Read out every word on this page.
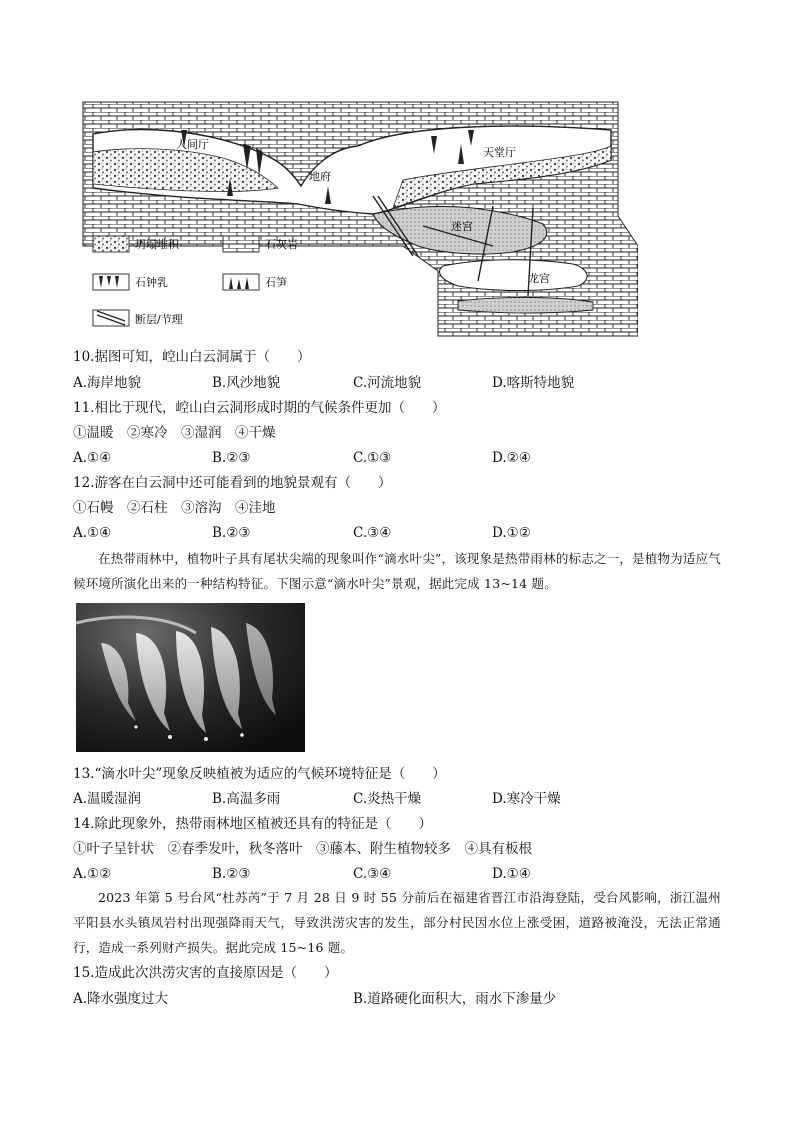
人间厅
天堂厅
地府
迷宫
龙宫
坍塌堆积	石灰岩
石钟乳	石笋
断层/节理
10.据图可知，崆山白云洞属于（　　）
A.海岸地貌	B.风沙地貌	C.河流地貌	D.喀斯特地貌
11.相比于现代，崆山白云洞形成时期的气候条件更加（　　）
①温暖　②寒冷　③湿润　④干燥
A.①④	B.②③	C.①③	D.②④
12.游客在白云洞中还可能看到的地貌景观有（　　）
①石幔　②石柱　③溶沟　④洼地
A.①④	B.②③	C.③④	D.①②
在热带雨林中，植物叶子具有尾状尖端的现象叫作“滴水叶尖”，该现象是热带雨林的标志之一，是植物为适应气候环境所演化出来的一种结构特征。下图示意“滴水叶尖”景观，据此完成 13~14 题。
13.“滴水叶尖”现象反映植被为适应的气候环境特征是（　　）
A.温暖湿润	B.高温多雨	C.炎热干燥	D.寒冷干燥
14.除此现象外，热带雨林地区植被还具有的特征是（　　）
①叶子呈针状　②春季发叶，秋冬落叶　③藤本、附生植物较多　④具有板根
A.①②	B.②③	C.③④	D.①④
2023 年第 5 号台风“杜苏芮”于 7 月 28 日 9 时 55 分前后在福建省晋江市沿海登陆，受台风影响，浙江温州平阳县水头镇凤岩村出现强降雨天气，导致洪涝灾害的发生，部分村民因水位上涨受困，道路被淹没，无法正常通行，造成一系列财产损失。据此完成 15~16 题。
15.造成此次洪涝灾害的直接原因是（　　）
A.降水强度过大	B.道路硬化面积大，雨水下渗量少
